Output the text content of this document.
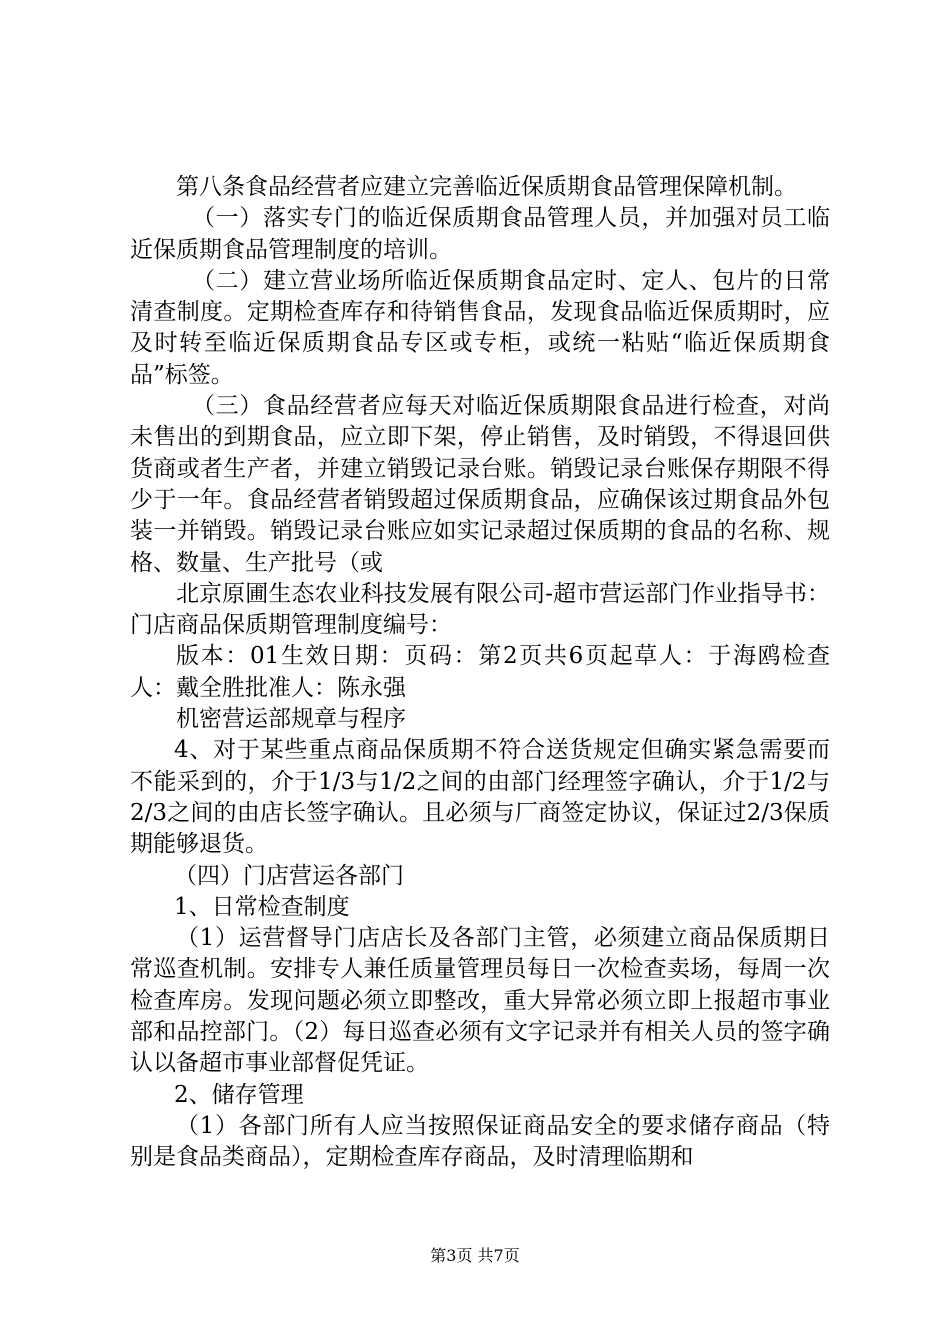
第八条食品经营者应建立完善临近保质期食品管理保障机制。

（一）落实专门的临近保质期食品管理人员，并加强对员工临近保质期食品管理制度的培训。

（二）建立营业场所临近保质期食品定时、定人、包片的日常清查制度。定期检查库存和待销售食品，发现食品临近保质期时，应及时转至临近保质期食品专区或专柜，或统一粘贴“临近保质期食品”标签。

（三）食品经营者应每天对临近保质期限食品进行检查，对尚未售出的到期食品，应立即下架，停止销售，及时销毁，不得退回供货商或者生产者，并建立销毁记录台账。销毁记录台账保存期限不得少于一年。食品经营者销毁超过保质期食品，应确保该过期食品外包装一并销毁。销毁记录台账应如实记录超过保质期的食品的名称、规格、数量、生产批号（或

北京原圃生态农业科技发展有限公司-超市营运部门作业指导书：门店商品保质期管理制度编号：

版本：01生效日期：页码：第2页共6页起草人：于海鸥检查人：戴全胜批准人：陈永强

机密营运部规章与程序

4、对于某些重点商品保质期不符合送货规定但确实紧急需要而不能采到的，介于1/3与1/2之间的由部门经理签字确认，介于1/2与2/3之间的由店长签字确认。且必须与厂商签定协议，保证过2/3保质期能够退货。

（四）门店营运各部门

1、日常检查制度

（1）运营督导门店店长及各部门主管，必须建立商品保质期日常巡查机制。安排专人兼任质量管理员每日一次检查卖场，每周一次检查库房。发现问题必须立即整改，重大异常必须立即上报超市事业部和品控部门。（2）每日巡查必须有文字记录并有相关人员的签字确认以备超市事业部督促凭证。

2、储存管理

（1）各部门所有人应当按照保证商品安全的要求储存商品（特别是食品类商品），定期检查库存商品，及时清理临期和

第3页 共7页
